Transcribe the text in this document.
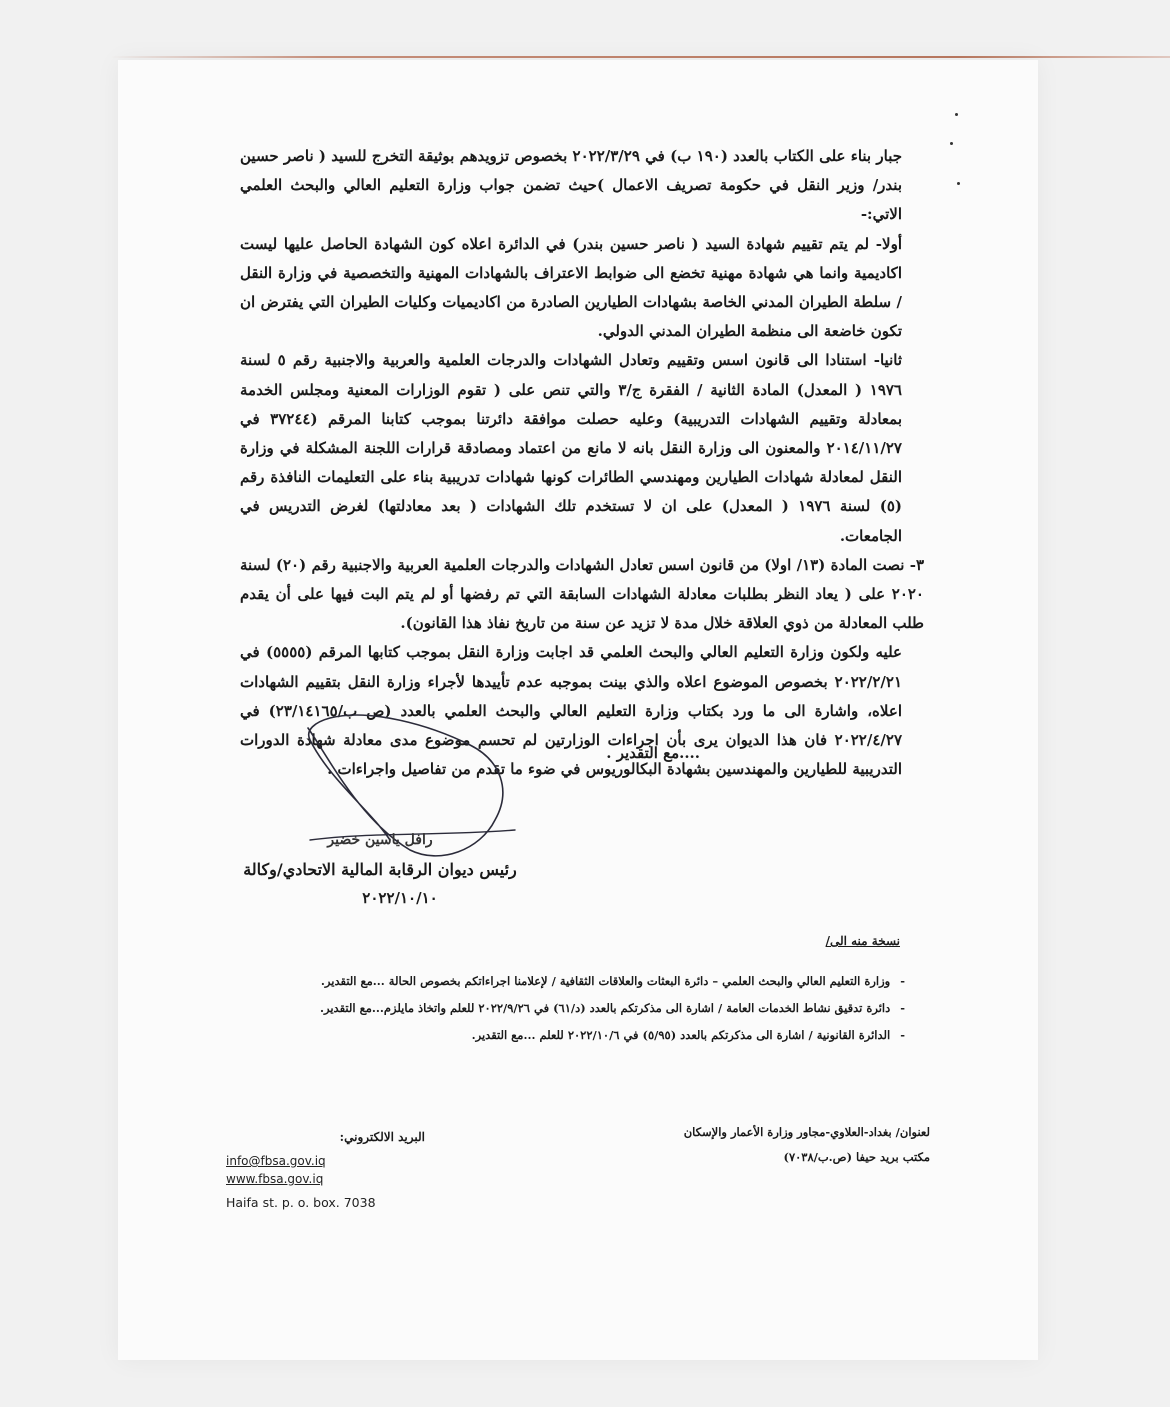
جبار بناء على الكتاب بالعدد (١٩٠ ب) في ٢٠٢٢/٣/٢٩ بخصوص تزويدهم بوثيقة التخرج للسيد ( ناصر حسين بندر/ وزير النقل في حكومة تصريف الاعمال )حيث تضمن جواب وزارة التعليم العالي والبحث العلمي الاتي:-

أولا- لم يتم تقييم شهادة السيد ( ناصر حسين بندر) في الدائرة اعلاه كون الشهادة الحاصل عليها ليست اكاديمية وانما هي شهادة مهنية تخضع الى ضوابط الاعتراف بالشهادات المهنية والتخصصية في وزارة النقل / سلطة الطيران المدني الخاصة بشهادات الطيارين الصادرة من اكاديميات وكليات الطيران التي يفترض ان تكون خاضعة الى منظمة الطيران المدني الدولي.

ثانيا- استنادا الى قانون اسس وتقييم وتعادل الشهادات والدرجات العلمية والعربية والاجنبية رقم ٥ لسنة ١٩٧٦ ( المعدل) المادة الثانية / الفقرة ج/٣ والتي تنص على ( تقوم الوزارات المعنية ومجلس الخدمة بمعادلة وتقييم الشهادات التدريبية) وعليه حصلت موافقة دائرتنا بموجب كتابنا المرقم (٣٧٢٤٤ في ٢٠١٤/١١/٢٧ والمعنون الى وزارة النقل بانه لا مانع من اعتماد ومصادقة قرارات اللجنة المشكلة في وزارة النقل لمعادلة شهادات الطيارين ومهندسي الطائرات كونها شهادات تدريبية بناء على التعليمات النافذة رقم (٥) لسنة ١٩٧٦ ( المعدل) على ان لا تستخدم تلك الشهادات ( بعد معادلتها) لغرض التدريس في الجامعات.

٣- نصت المادة (١٣/ اولا) من قانون اسس تعادل الشهادات والدرجات العلمية العربية والاجنبية رقم (٢٠) لسنة ٢٠٢٠ على ( يعاد النظر بطلبات معادلة الشهادات السابقة التي تم رفضها أو لم يتم البت فيها على أن يقدم طلب المعادلة من ذوي العلاقة خلال مدة لا تزيد عن سنة من تاريخ نفاذ هذا القانون).

عليه ولكون وزارة التعليم العالي والبحث العلمي قد اجابت وزارة النقل بموجب كتابها المرقم (٥٥٥٥) في ٢٠٢٢/٢/٢١ بخصوص الموضوع اعلاه والذي بينت بموجبه عدم تأييدها لأجراء وزارة النقل بتقييم الشهادات اعلاه، واشارة الى ما ورد بكتاب وزارة التعليم العالي والبحث العلمي بالعدد (ص ب/٢٣/١٤١٦٥) في ٢٠٢٢/٤/٢٧ فان هذا الديوان يرى بأن اجراءات الوزارتين لم تحسم موضوع مدى معادلة شهادة الدورات التدريبية للطيارين والمهندسين بشهادة البكالوريوس في ضوء ما تقدم من تفاصيل واجراءات .

....مع التقدير .
رافل ياسين خضير
رئيس ديوان الرقابة المالية الاتحادي/وكالة
٢٠٢٢/١٠/١٠
نسخة منه الى/
-وزارة التعليم العالي والبحث العلمي – دائرة البعثات والعلاقات الثقافية / لإعلامنا اجراءاتكم بخصوص الحالة ...مع التقدير.
-دائرة تدقيق نشاط الخدمات العامة / اشارة الى مذكرتكم بالعدد (د/٦١) في ٢٠٢٢/٩/٢٦ للعلم واتخاذ مايلزم...مع التقدير.
-الدائرة القانونية / اشارة الى مذكرتكم بالعدد (٥/٩٥) في ٢٠٢٢/١٠/٦ للعلم ...مع التقدير.
لعنوان/ بغداد-العلاوي-مجاور وزارة الأعمار والإسكان
مكتب بريد حيفا (ص.ب/٧٠٣٨)
البريد الالكتروني:
info@fbsa.gov.iq
www.fbsa.gov.iq
Haifa st. p. o. box. 7038
